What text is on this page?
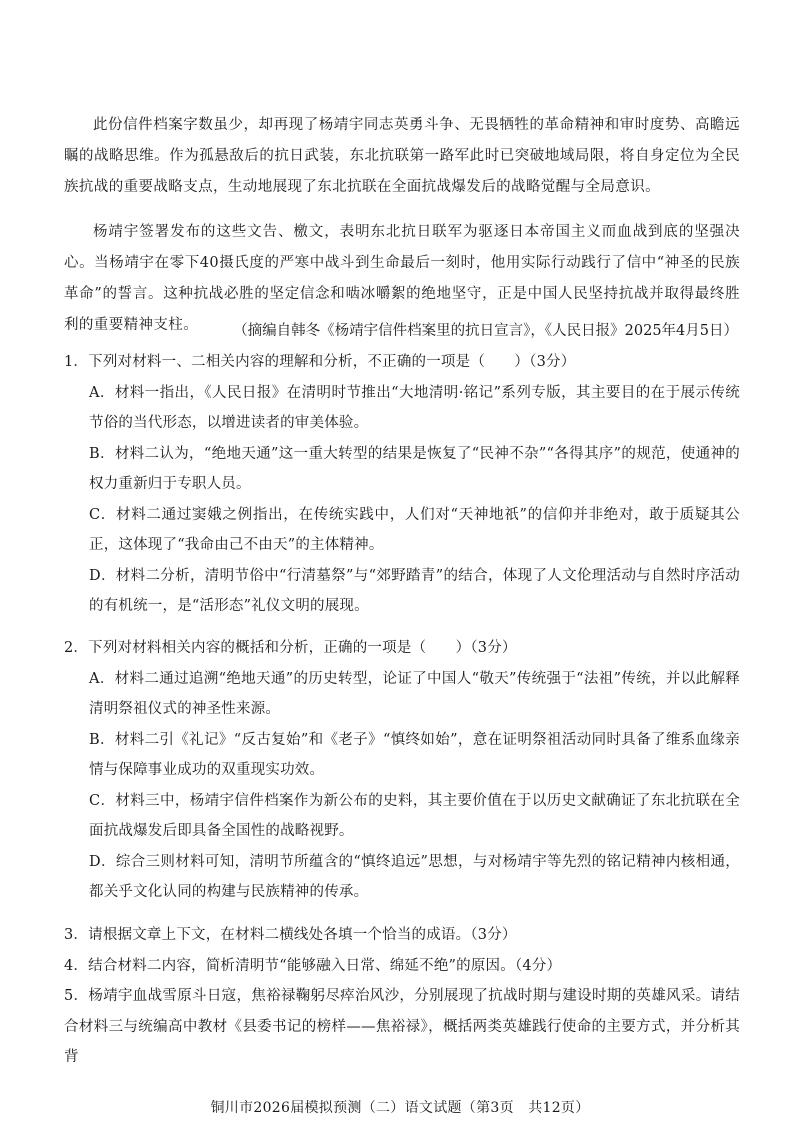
此份信件档案字数虽少，却再现了杨靖宇同志英勇斗争、无畏牺牲的革命精神和审时度势、高瞻远瞩的战略思维。作为孤悬敌后的抗日武装，东北抗联第一路军此时已突破地域局限，将自身定位为全民族抗战的重要战略支点，生动地展现了东北抗联在全面抗战爆发后的战略觉醒与全局意识。

杨靖宇签署发布的这些文告、檄文，表明东北抗日联军为驱逐日本帝国主义而血战到底的坚强决心。当杨靖宇在零下40摄氏度的严寒中战斗到生命最后一刻时，他用实际行动践行了信中“神圣的民族革命”的誓言。这种抗战必胜的坚定信念和啮冰嚼絮的绝地坚守，正是中国人民坚持抗战并取得最终胜利的重要精神支柱。	（摘编自韩冬《杨靖宇信件档案里的抗日宣言》，《人民日报》2025年4月5日）
1．下列对材料一、二相关内容的理解和分析，不正确的一项是（　　）（3分）
A．材料一指出，《人民日报》在清明时节推出“大地清明·铭记”系列专版，其主要目的在于展示传统节俗的当代形态，以增进读者的审美体验。
B．材料二认为，“绝地天通”这一重大转型的结果是恢复了“民神不杂”“各得其序”的规范，使通神的权力重新归于专职人员。
C．材料二通过窦娥之例指出，在传统实践中，人们对“天神地祇”的信仰并非绝对，敢于质疑其公正，这体现了“我命由己不由天”的主体精神。
D．材料二分析，清明节俗中“行清墓祭”与“郊野踏青”的结合，体现了人文伦理活动与自然时序活动的有机统一，是“活形态”礼仪文明的展现。
2．下列对材料相关内容的概括和分析，正确的一项是（　　）（3分）
A．材料二通过追溯“绝地天通”的历史转型，论证了中国人“敬天”传统强于“法祖”传统，并以此解释清明祭祖仪式的神圣性来源。
B．材料二引《礼记》“反古复始”和《老子》“慎终如始”，意在证明祭祖活动同时具备了维系血缘亲情与保障事业成功的双重现实功效。
C．材料三中，杨靖宇信件档案作为新公布的史料，其主要价值在于以历史文献确证了东北抗联在全面抗战爆发后即具备全国性的战略视野。
D．综合三则材料可知，清明节所蕴含的“慎终追远”思想，与对杨靖宇等先烈的铭记精神内核相通，都关乎文化认同的构建与民族精神的传承。
3．请根据文章上下文，在材料二横线处各填一个恰当的成语。（3分）
4．结合材料二内容，简析清明节“能够融入日常、绵延不绝”的原因。（4分）
5．杨靖宇血战雪原斗日寇，焦裕禄鞠躬尽瘁治风沙，分别展现了抗战时期与建设时期的英雄风采。请结合材料三与统编高中教材《县委书记的榜样——焦裕禄》，概括两类英雄践行使命的主要方式，并分析其背
铜川市2026届模拟预测（二）语文试题（第3页　共12页）
